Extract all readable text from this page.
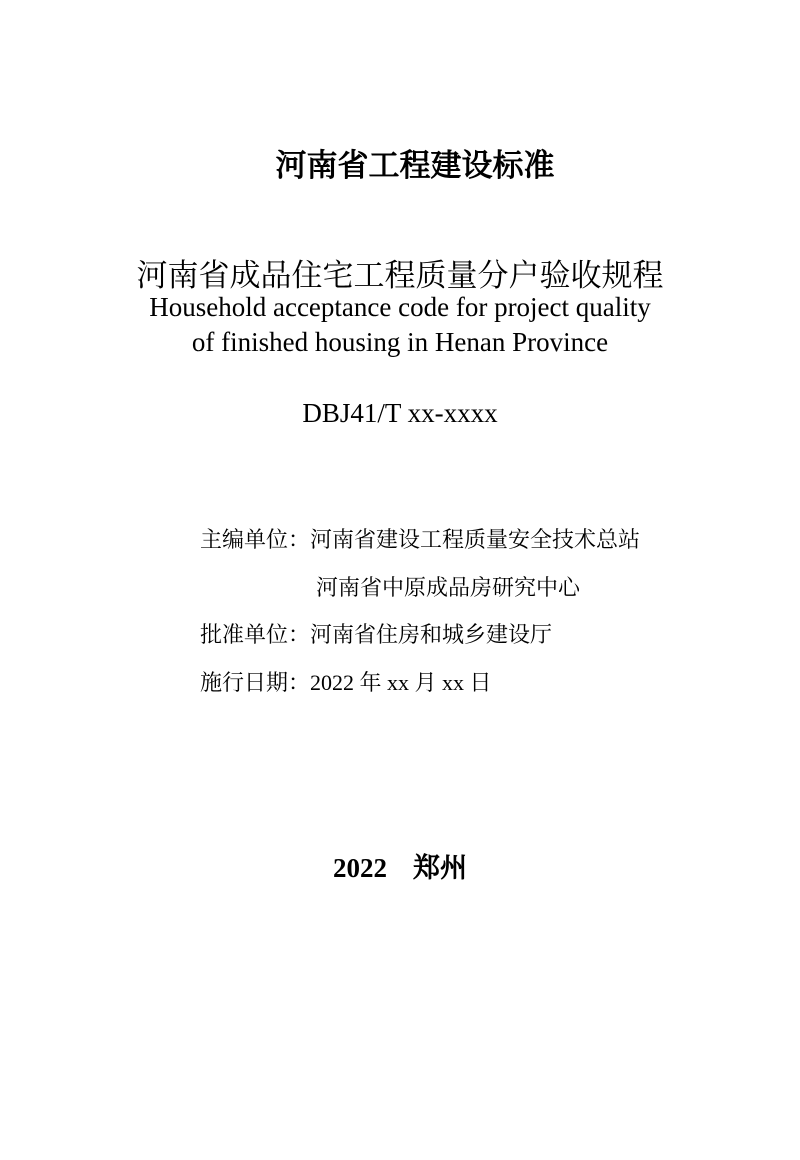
河南省工程建设标准
河南省成品住宅工程质量分户验收规程
Household acceptance code for project quality
of finished housing in Henan Province
DBJ41/T xx-xxxx
主编单位：河南省建设工程质量安全技术总站
河南省中原成品房研究中心
批准单位：河南省住房和城乡建设厅
施行日期：2022 年 xx 月 xx 日
2022 郑州
